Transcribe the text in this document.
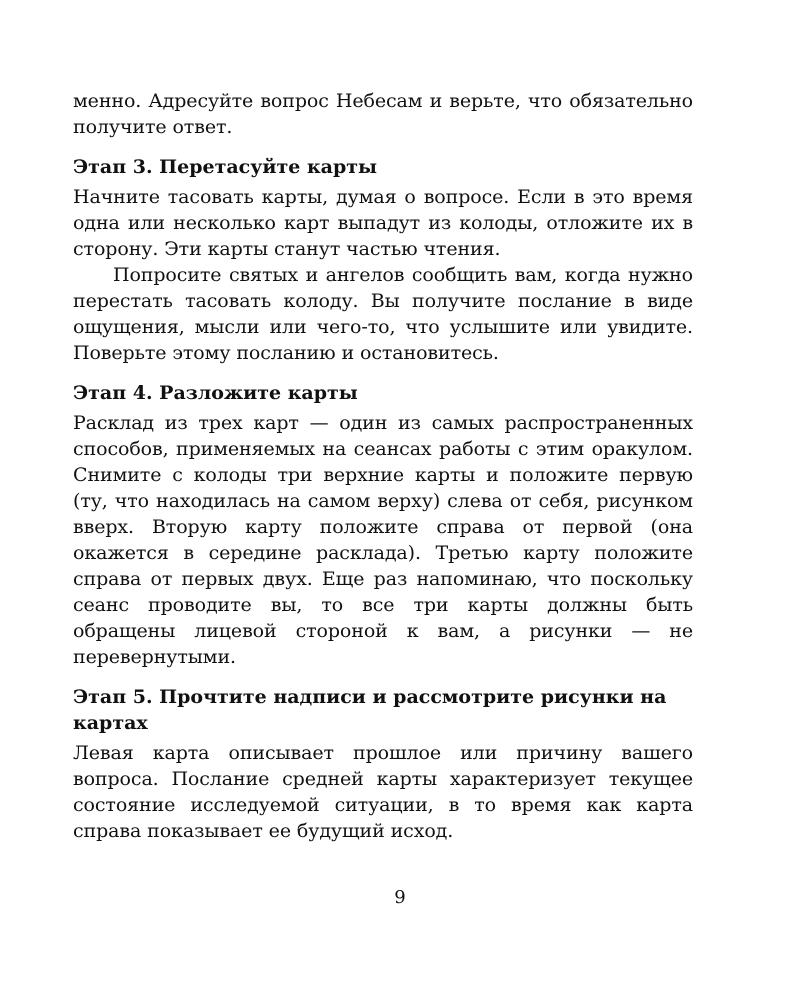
менно. Адресуйте вопрос Небесам и верьте, что обязательно получите ответ.

Этап 3. Перетасуйте карты

Начните тасовать карты, думая о вопросе. Если в это время одна или несколько карт выпадут из колоды, отложите их в сторону. Эти карты станут частью чтения.

Попросите святых и ангелов сообщить вам, когда нужно перестать тасовать колоду. Вы получите послание в виде ощущения, мысли или чего-то, что услышите или увидите. Поверьте этому посланию и остановитесь.

Этап 4. Разложите карты

Расклад из трех карт — один из самых распространенных способов, применяемых на сеансах работы с этим оракулом. Снимите с колоды три верхние карты и положите первую (ту, что находилась на самом верху) слева от себя, рисунком вверх. Вторую карту положите справа от первой (она окажется в середине расклада). Третью карту положите справа от первых двух. Еще раз напоминаю, что поскольку сеанс проводите вы, то все три карты должны быть обращены лицевой стороной к вам, а рисунки — не перевернутыми.

Этап 5. Прочтите надписи и рассмотрите рисунки на картах

Левая карта описывает прошлое или причину вашего вопроса. Послание средней карты характеризует текущее состояние исследуемой ситуации, в то время как карта справа показывает ее будущий исход.

9
